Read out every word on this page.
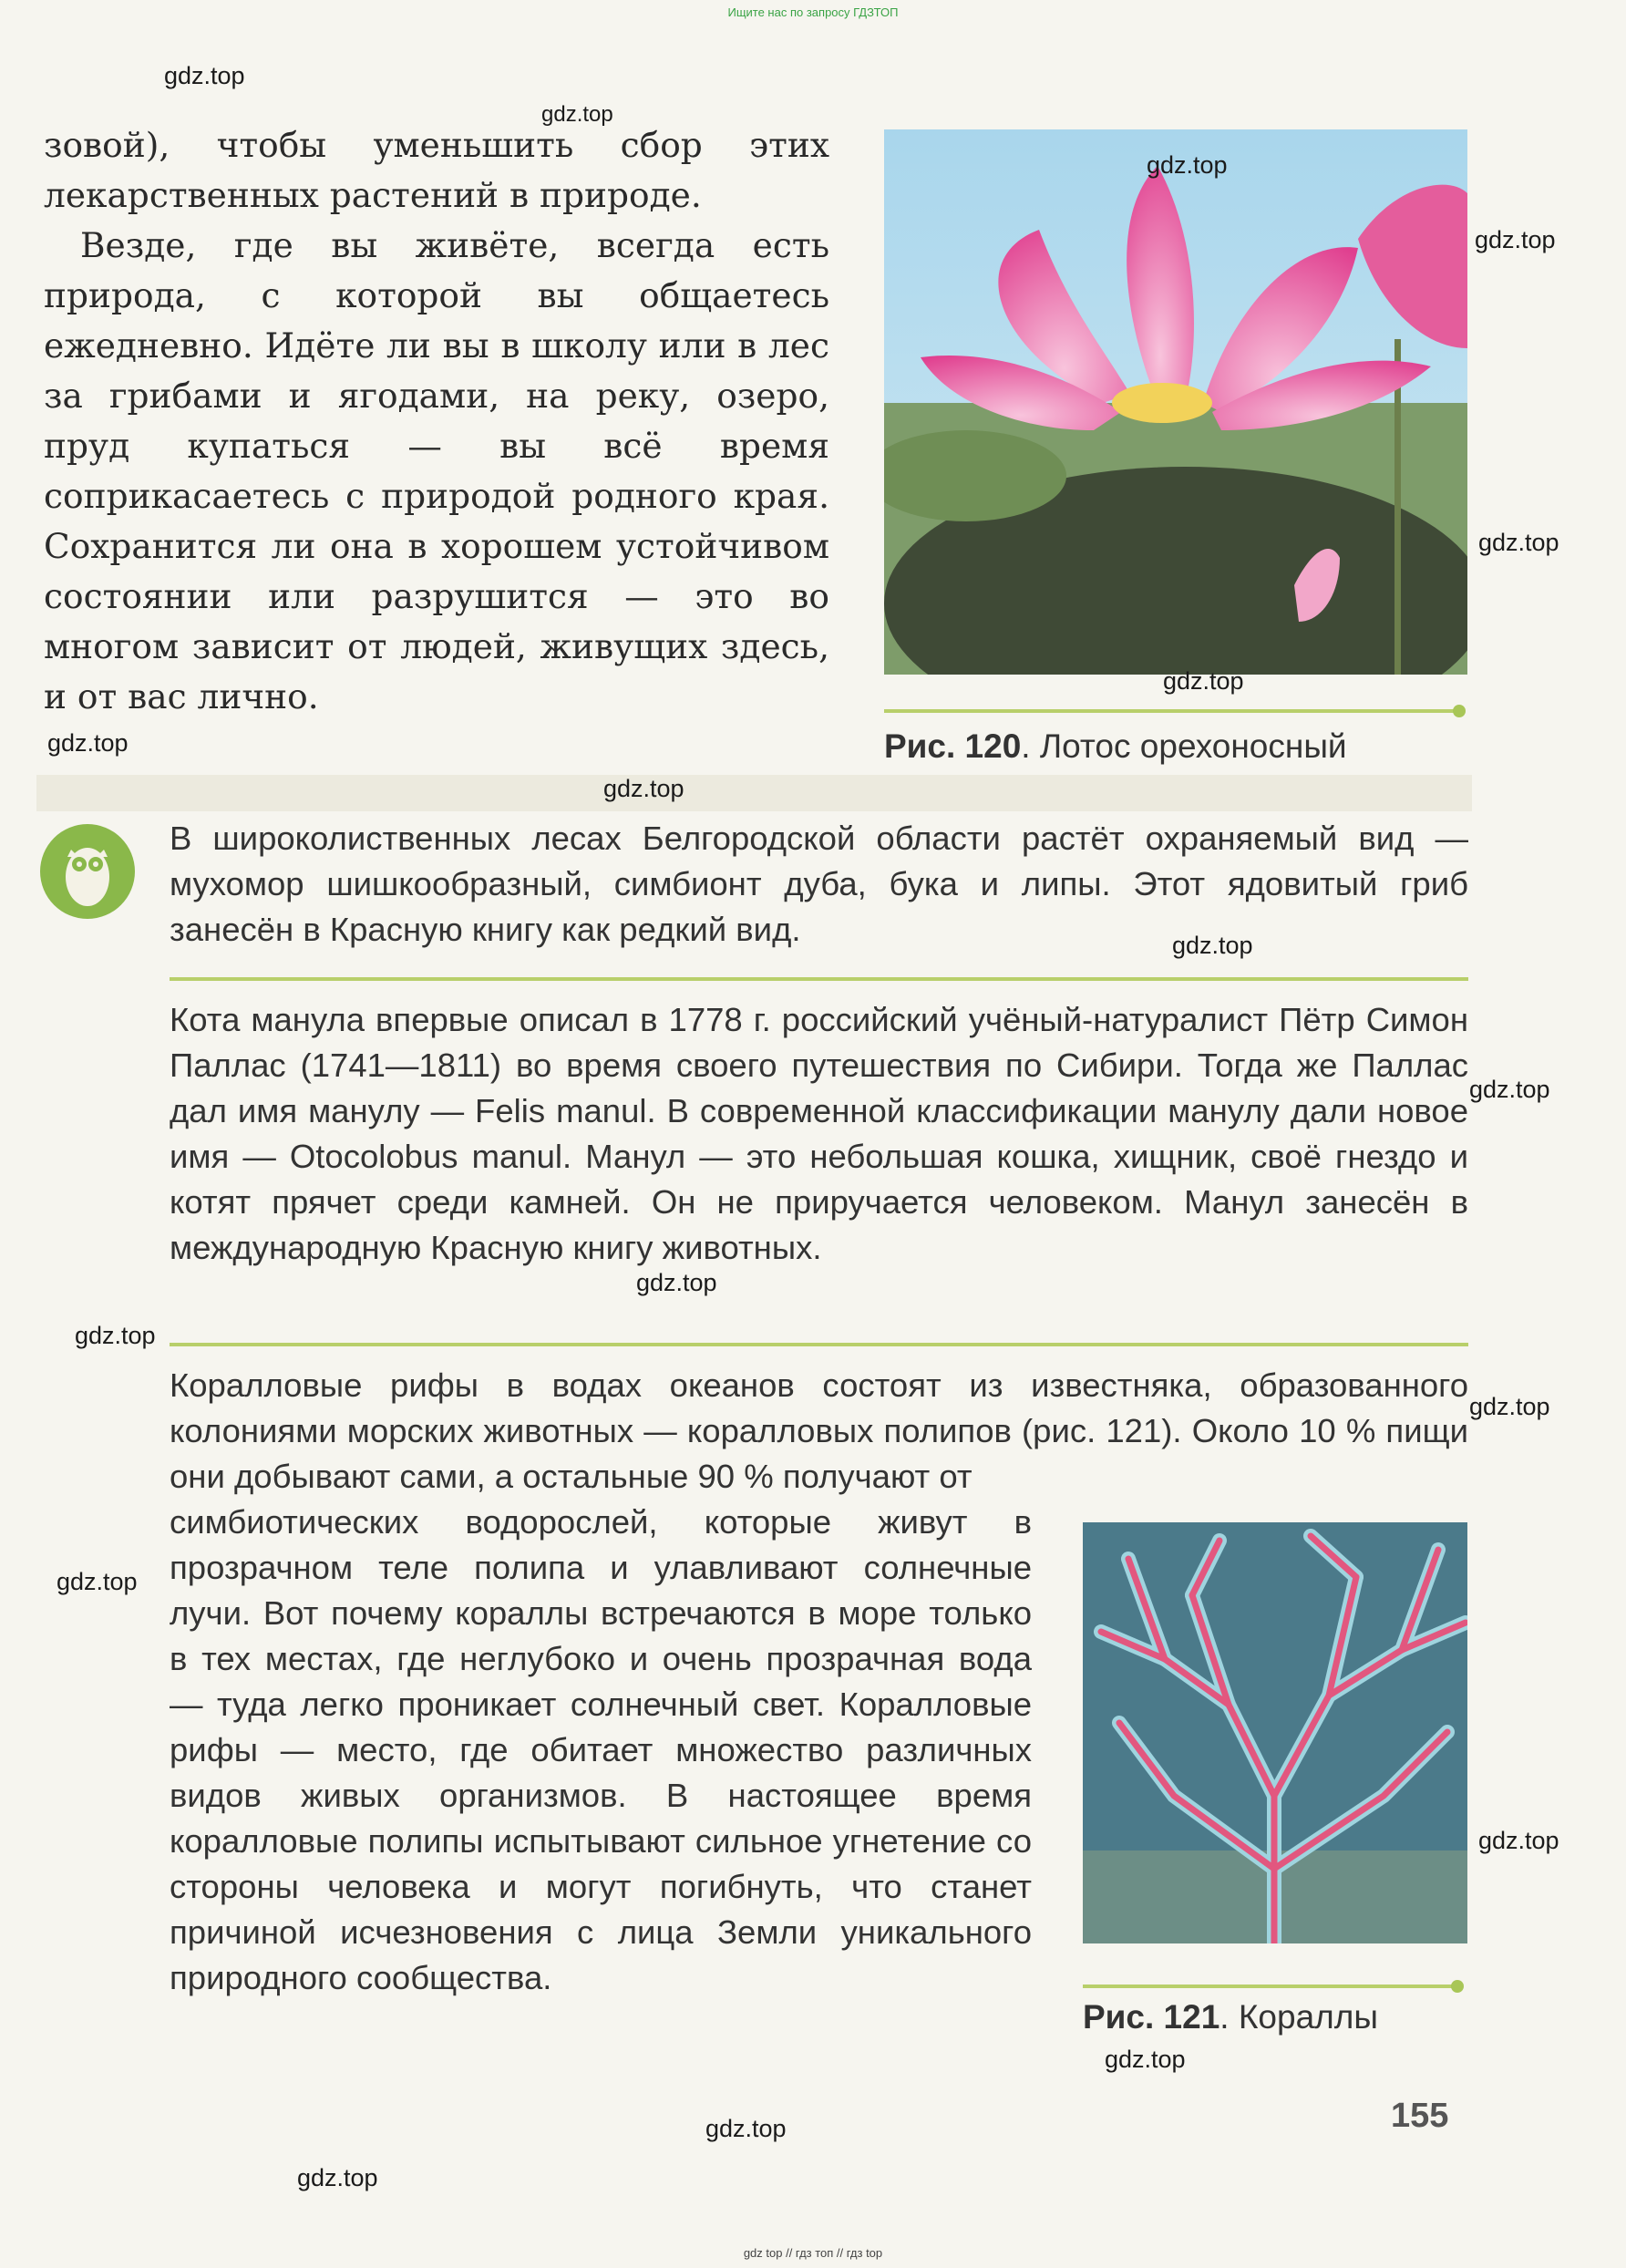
Ищите нас по запросу ГДЗТОП
gdz top // гдз топ // гдз top

зовой), чтобы уменьшить сбор этих лекарственных растений в природе.

Везде, где вы живёте, всегда есть природа, с которой вы общаетесь ежедневно. Идёте ли вы в школу или в лес за грибами и ягодами, на реку, озеро, пруд купаться — вы всё время соприкасаетесь с природой родного края. Сохранится ли она в хорошем устойчивом состоянии или разрушится — это во многом зависит от людей, живущих здесь, и от вас лично.

Рис. 120. Лотос орехоносный

В широколиственных лесах Белгородской области растёт охраняемый вид — мухомор шишкообразный, симбионт дуба, бука и липы. Этот ядовитый гриб занесён в Красную книгу как редкий вид.

Кота манула впервые описал в 1778 г. российский учёный-натуралист Пётр Симон Паллас (1741—1811) во время своего путешествия по Сибири. Тогда же Паллас дал имя манулу — Felis manul. В современной классификации манулу дали новое имя — Otocolobus manul. Манул — это небольшая кошка, хищник, своё гнездо и котят прячет среди камней. Он не приручается человеком. Манул занесён в международную Красную книгу животных.

Коралловые рифы в водах океанов состоят из известняка, образованного колониями морских животных — коралловых полипов (рис. 121). Около 10 % пищи они добывают сами, а остальные 90 % получают от

симбиотических водорослей, которые живут в прозрачном теле полипа и улавливают солнечные лучи. Вот почему кораллы встречаются в море только в тех местах, где неглубоко и очень прозрачная вода — туда легко проникает солнечный свет. Коралловые рифы — место, где обитает множество различных видов живых организмов. В настоящее время коралловые полипы испытывают сильное угнетение со стороны человека и могут погибнуть, что станет причиной исчезновения с лица Земли уникального природного сообщества.

Рис. 121. Кораллы
155
gdz.top
gdz.top
gdz.top
gdz.top
gdz.top
gdz.top
gdz.top
gdz.top
gdz.top
gdz.top
gdz.top
gdz.top
gdz.top
gdz.top
gdz.top
gdz.top
gdz.top
gdz.top
